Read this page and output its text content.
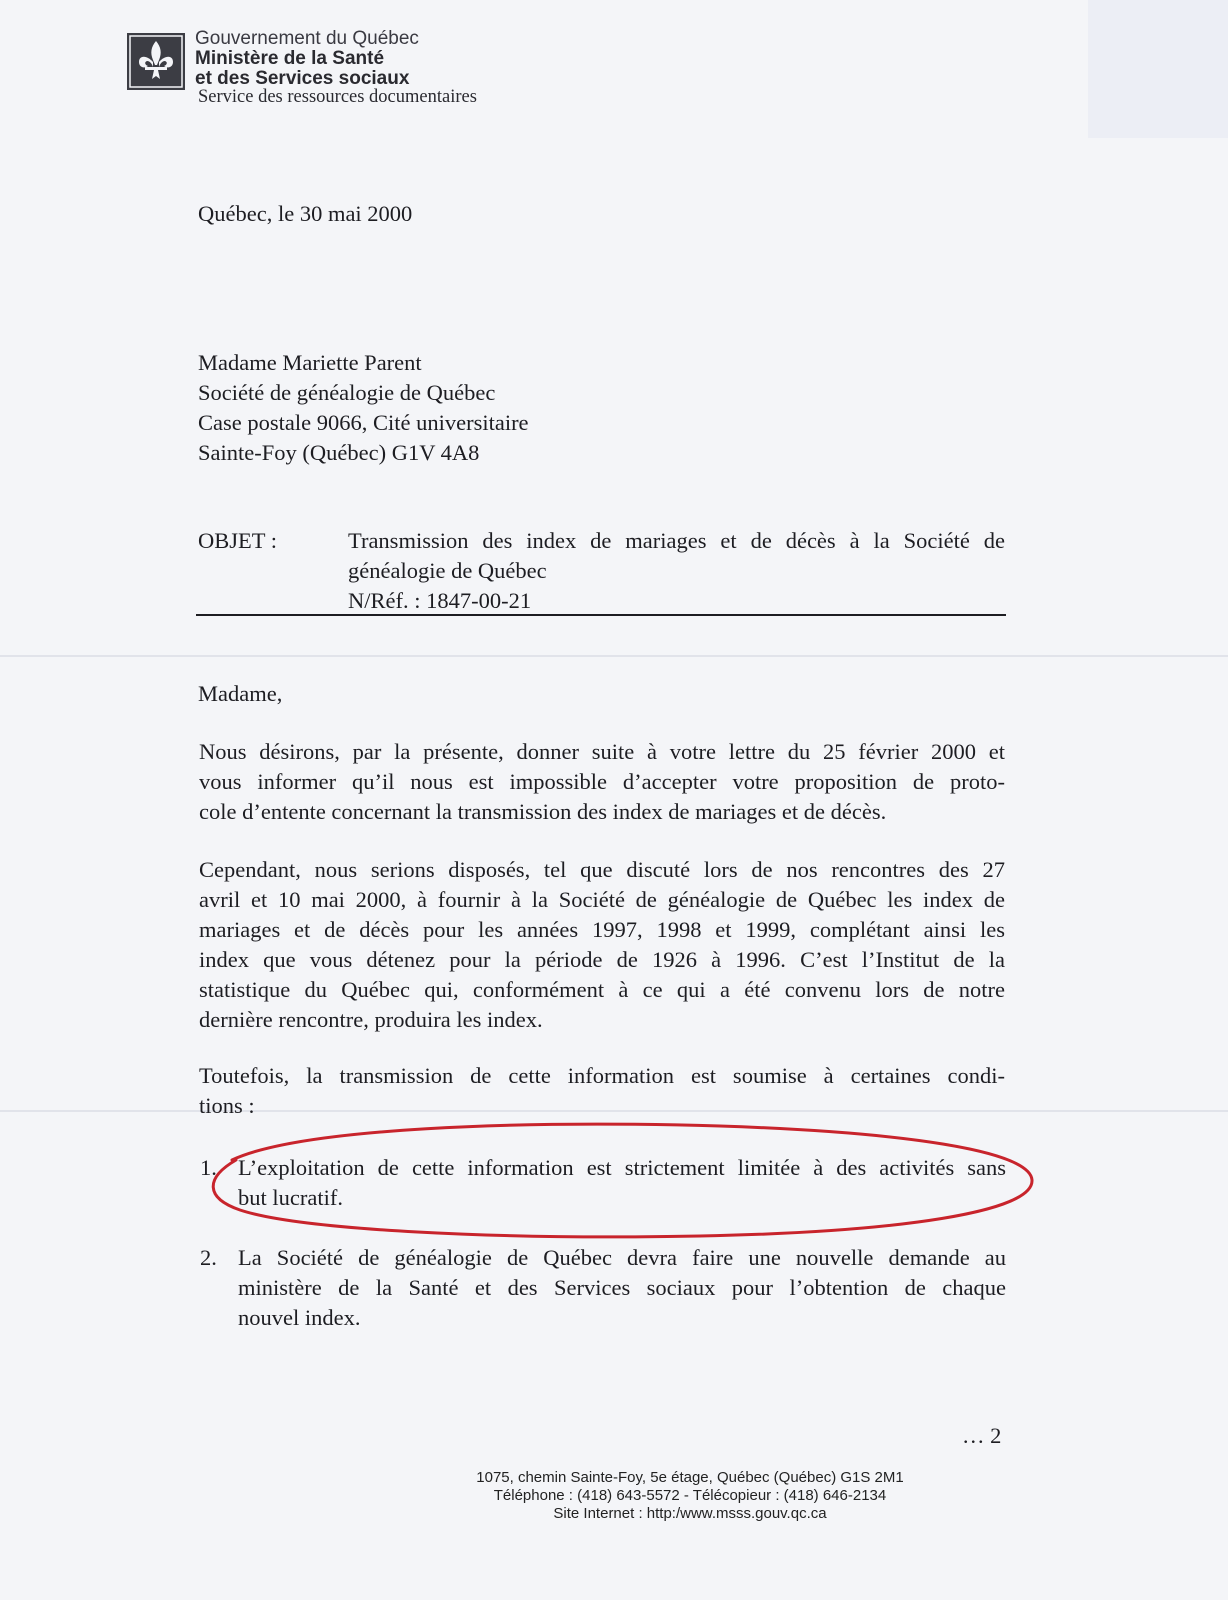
Gouvernement du Québec
Ministère de la Santé
et des Services sociaux
Service des ressources documentaires
Québec, le 30 mai 2000
Madame Mariette Parent
Société de généalogie de Québec
Case postale 9066, Cité universitaire
Sainte-Foy (Québec) G1V 4A8
OBJET :	Transmission des index de mariages et de décès à la Société de
généalogie de Québec
N/Réf. : 1847-00-21
Madame,
Nous désirons, par la présente, donner suite à votre lettre du 25 février 2000 et
vous informer qu’il nous est impossible d’accepter votre proposition de proto-
cole d’entente concernant la transmission des index de mariages et de décès.
Cependant, nous serions disposés, tel que discuté lors de nos rencontres des 27
avril et 10 mai 2000, à fournir à la Société de généalogie de Québec les index de
mariages et de décès pour les années 1997, 1998 et 1999, complétant ainsi les
index que vous détenez pour la période de 1926 à 1996. C’est l’Institut de la
statistique du Québec qui, conformément à ce qui a été convenu lors de notre
dernière rencontre, produira les index.
Toutefois, la transmission de cette information est soumise à certaines condi-
tions :
1. L’exploitation de cette information est strictement limitée à des activités sans
but lucratif.
2. La Société de généalogie de Québec devra faire une nouvelle demande au
ministère de la Santé et des Services sociaux pour l’obtention de chaque
nouvel index.
… 2
1075, chemin Sainte-Foy, 5e étage, Québec (Québec) G1S 2M1
Téléphone : (418) 643-5572 - Télécopieur : (418) 646-2134
Site Internet : http:/www.msss.gouv.qc.ca
